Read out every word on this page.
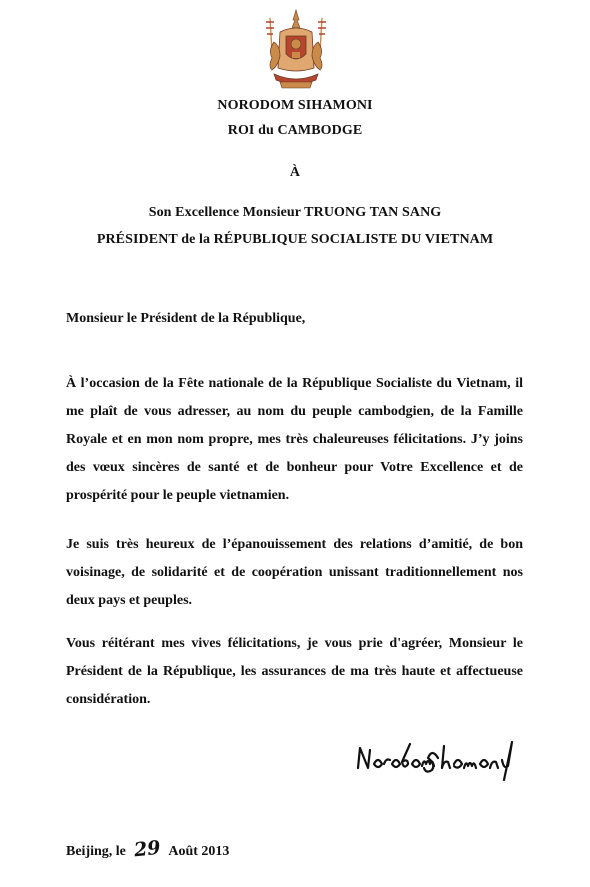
NORODOM SIHAMONI
ROI du CAMBODGE
À
Son Excellence Monsieur TRUONG TAN SANG
PRÉSIDENT de la RÉPUBLIQUE SOCIALISTE DU VIETNAM
Monsieur le Président de la République,

À l’occasion de la Fête nationale de la République Socialiste du Vietnam, il me plaît de vous adresser, au nom du peuple cambodgien, de la Famille Royale et en mon nom propre, mes très chaleureuses félicitations. J’y joins des vœux sincères de santé et de bonheur pour Votre Excellence et de prospérité pour le peuple vietnamien.

Je suis très heureux de l’épanouissement des relations d’amitié, de bon voisinage, de solidarité et de coopération unissant traditionnellement nos deux pays et peuples.

Vous réitérant mes vives félicitations, je vous prie d'agréer, Monsieur le Président de la République, les assurances de ma très haute et affectueuse considération.

Beijing, le 29 Août 2013
